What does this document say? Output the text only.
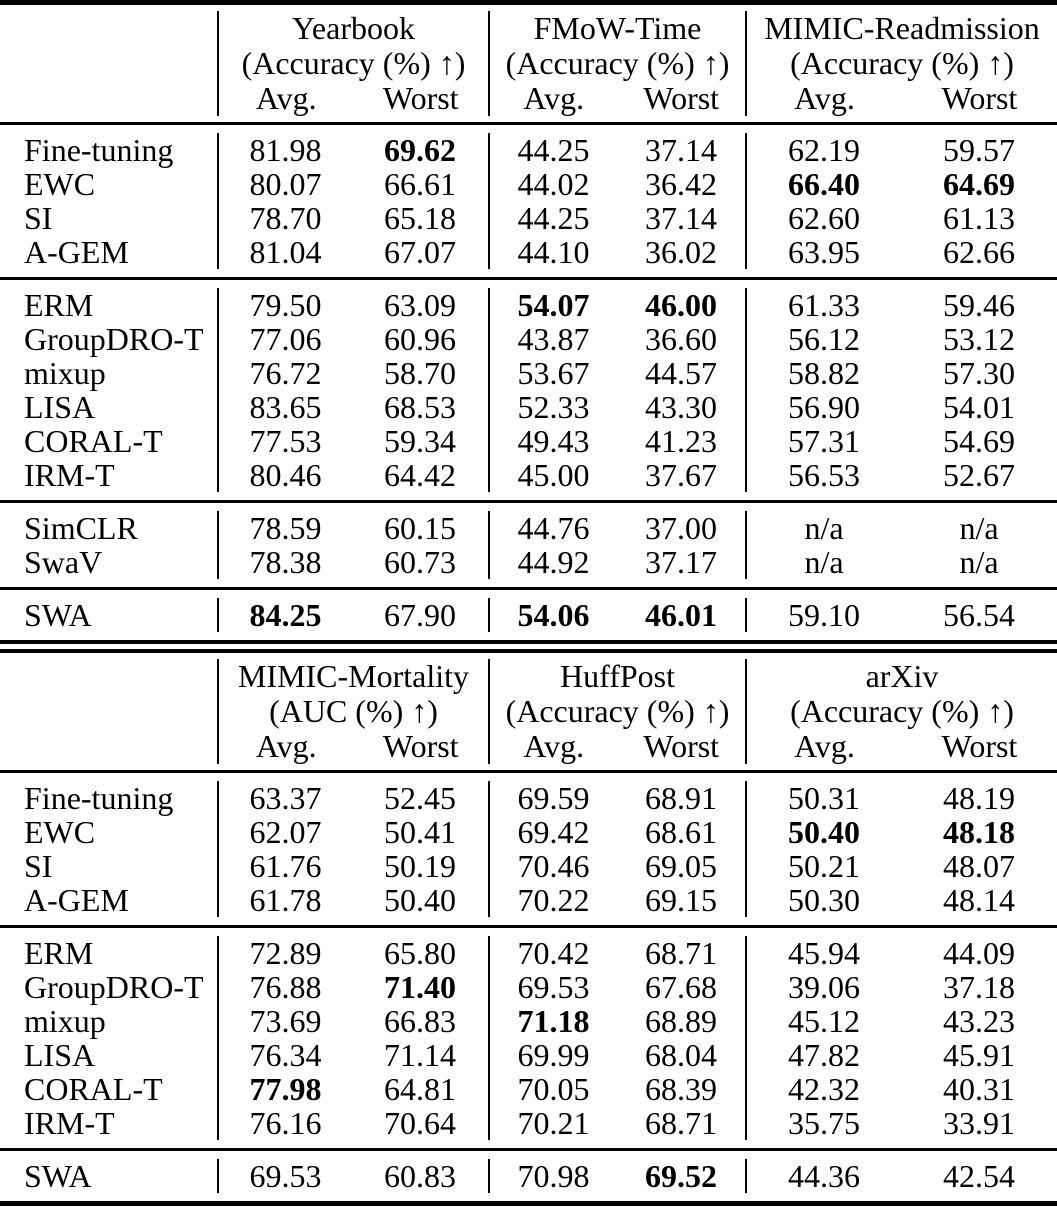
Yearbook
(Accuracy (%) ↑)
Avg.	Worst
FMoW-Time
(Accuracy (%) ↑)
Avg.	Worst
MIMIC-Readmission
(Accuracy (%) ↑)
Avg.	Worst
Fine-tuning	81.98	69.62	44.25	37.14	62.19	59.57
EWC	80.07	66.61	44.02	36.42	66.40	64.69
SI	78.70	65.18	44.25	37.14	62.60	61.13
A-GEM	81.04	67.07	44.10	36.02	63.95	62.66
ERM	79.50	63.09	54.07	46.00	61.33	59.46
GroupDRO-T	77.06	60.96	43.87	36.60	56.12	53.12
mixup	76.72	58.70	53.67	44.57	58.82	57.30
LISA	83.65	68.53	52.33	43.30	56.90	54.01
CORAL-T	77.53	59.34	49.43	41.23	57.31	54.69
IRM-T	80.46	64.42	45.00	37.67	56.53	52.67
SimCLR	78.59	60.15	44.76	37.00	n/a	n/a
SwaV	78.38	60.73	44.92	37.17	n/a	n/a
SWA	84.25	67.90	54.06	46.01	59.10	56.54
MIMIC-Mortality
(AUC (%) ↑)
Avg.	Worst
HuffPost
(Accuracy (%) ↑)
Avg.	Worst
arXiv
(Accuracy (%) ↑)
Avg.	Worst
Fine-tuning	63.37	52.45	69.59	68.91	50.31	48.19
EWC	62.07	50.41	69.42	68.61	50.40	48.18
SI	61.76	50.19	70.46	69.05	50.21	48.07
A-GEM	61.78	50.40	70.22	69.15	50.30	48.14
ERM	72.89	65.80	70.42	68.71	45.94	44.09
GroupDRO-T	76.88	71.40	69.53	67.68	39.06	37.18
mixup	73.69	66.83	71.18	68.89	45.12	43.23
LISA	76.34	71.14	69.99	68.04	47.82	45.91
CORAL-T	77.98	64.81	70.05	68.39	42.32	40.31
IRM-T	76.16	70.64	70.21	68.71	35.75	33.91
SWA	69.53	60.83	70.98	69.52	44.36	42.54
